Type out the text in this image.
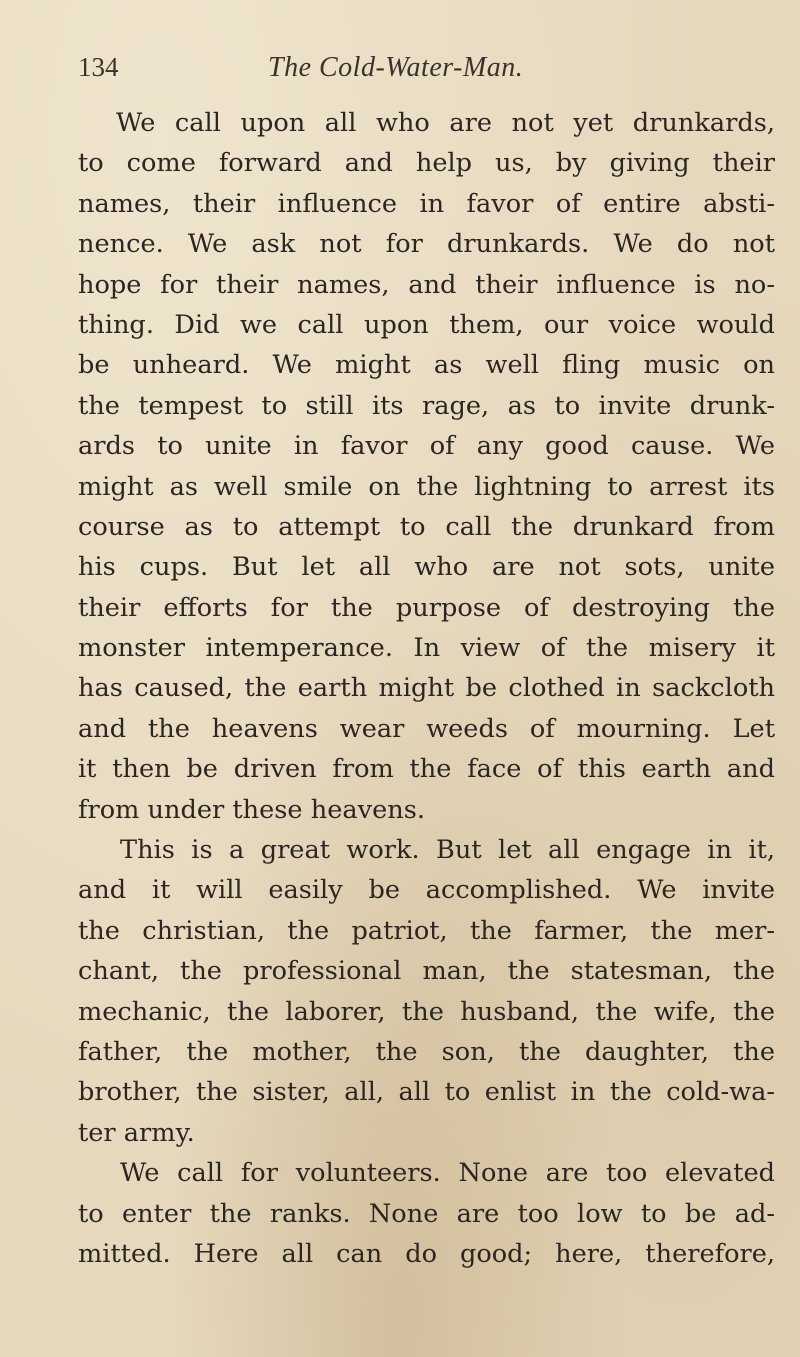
134	The Cold-Water-Man.
We call upon all who are not yet drunkards,
to come forward and help us, by giving their
names, their influence in favor of entire absti-
nence. We ask not for drunkards. We do not
hope for their names, and their influence is no-
thing. Did we call upon them, our voice would
be unheard. We might as well fling music on
the tempest to still its rage, as to invite drunk-
ards to unite in favor of any good cause. We
might as well smile on the lightning to arrest its
course as to attempt to call the drunkard from
his cups. But let all who are not sots, unite
their efforts for the purpose of destroying the
monster intemperance. In view of the misery it
has caused, the earth might be clothed in sackcloth
and the heavens wear weeds of mourning. Let
it then be driven from the face of this earth and
from under these heavens.
This is a great work. But let all engage in it,
and it will easily be accomplished. We invite
the christian, the patriot, the farmer, the mer-
chant, the professional man, the statesman, the
mechanic, the laborer, the husband, the wife, the
father, the mother, the son, the daughter, the
brother, the sister, all, all to enlist in the cold-wa-
ter army.
We call for volunteers. None are too elevated
to enter the ranks. None are too low to be ad-
mitted. Here all can do good; here, therefore,
